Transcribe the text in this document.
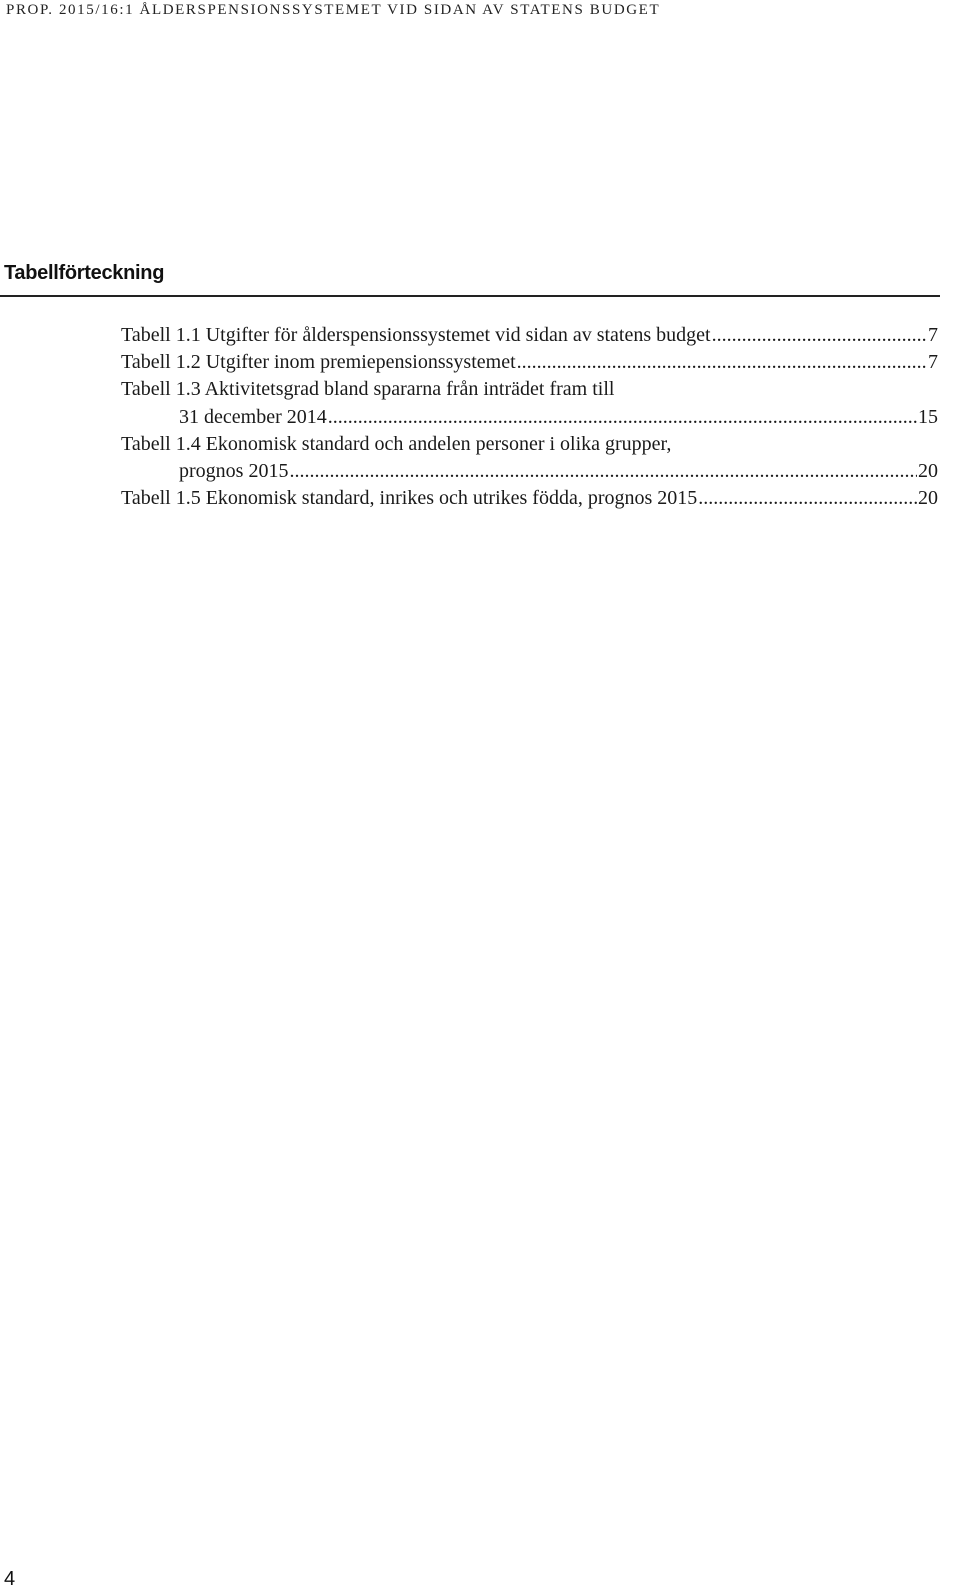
PROP. 2015/16:1 ÅLDERSPENSIONSSYSTEMET VID SIDAN AV STATENS BUDGET
Tabellförteckning
Tabell 1.1 Utgifter för ålderspensionssystemet vid sidan av statens budget .....	7
Tabell 1.2 Utgifter inom premiepensionssystemet .....	7
Tabell 1.3 Aktivitetsgrad bland spararna från inträdet fram till
31 december 2014 .....	15
Tabell 1.4 Ekonomisk standard och andelen personer i olika grupper,
prognos 2015 .....	20
Tabell 1.5 Ekonomisk standard, inrikes och utrikes födda, prognos 2015 .....	20
4
